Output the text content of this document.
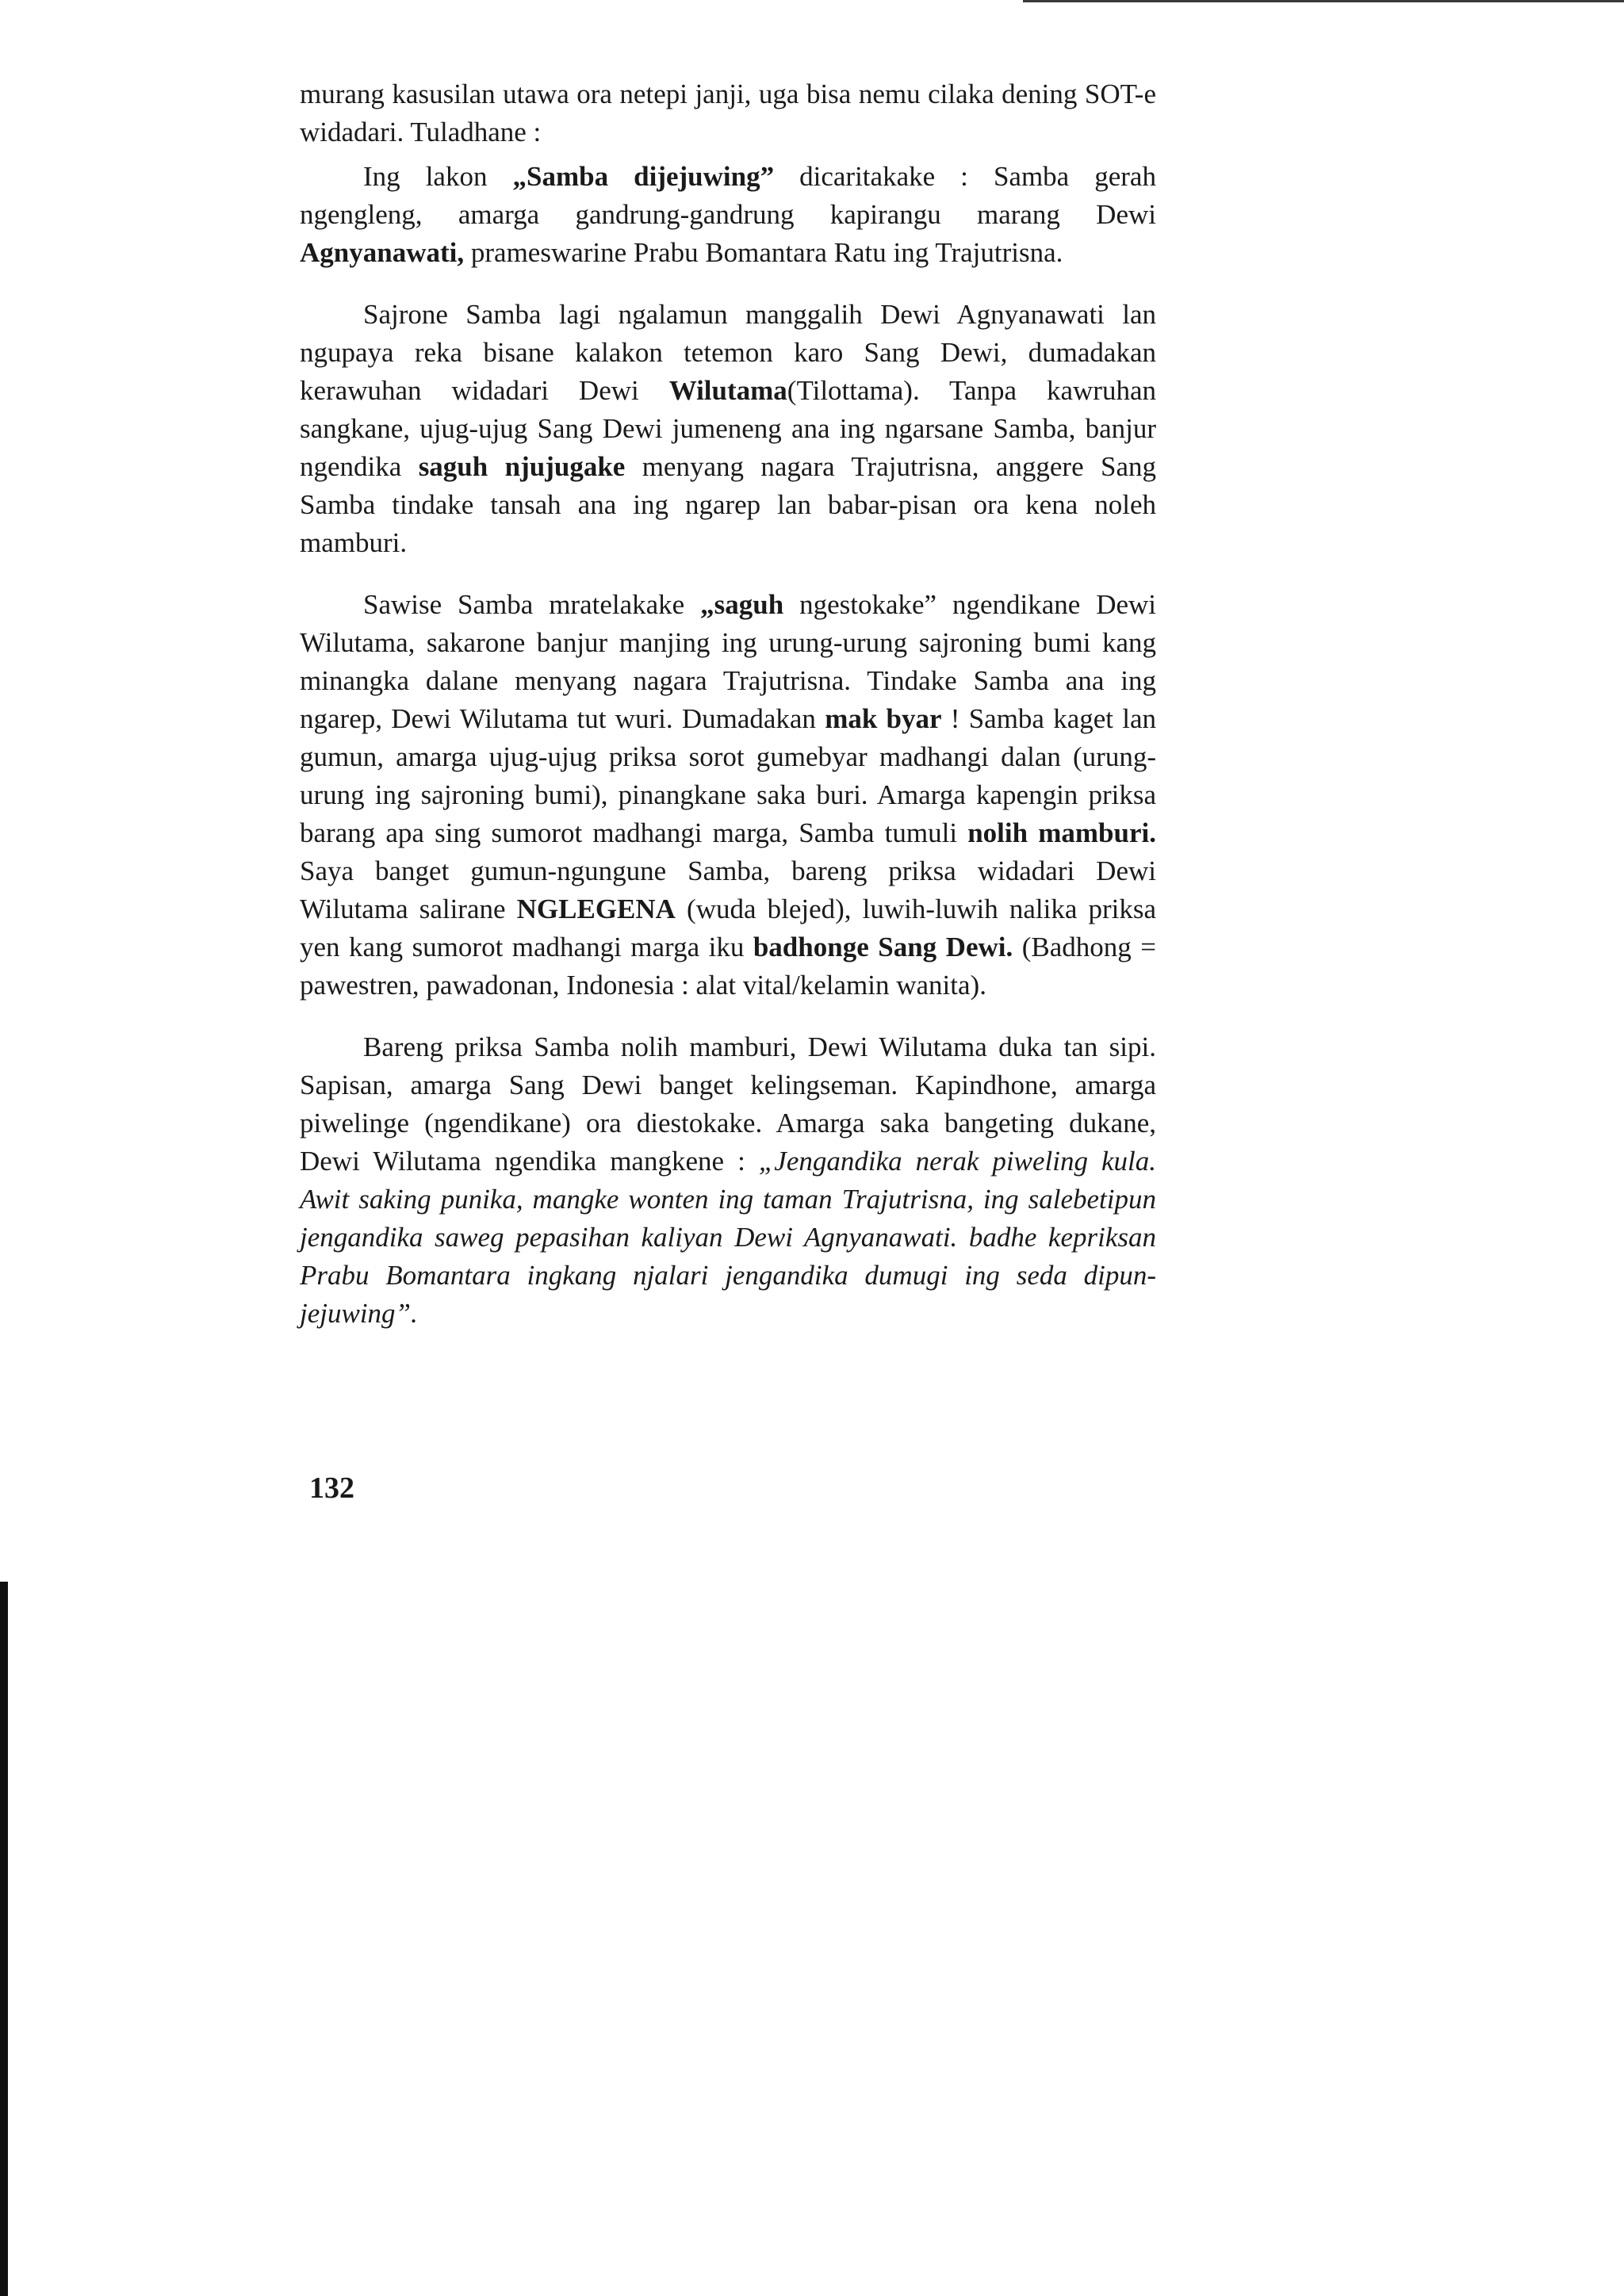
murang kasusilan utawa ora netepi janji, uga bisa nemu cilaka dening SOT-e widadari. Tuladhane :

Ing lakon „Samba dijejuwing” dicaritakake : Samba gerah ngengleng, amarga gandrung-gandrung kapirangu marang Dewi Agnyanawati, prameswarine Prabu Bomantara Ratu ing Trajutrisna.

Sajrone Samba lagi ngalamun manggalih Dewi Agnyanawati lan ngupaya reka bisane kalakon tetemon karo Sang Dewi, dumadakan kerawuhan widadari Dewi Wilutama(Tilottama). Tanpa kawruhan sangkane, ujug-ujug Sang Dewi jumeneng ana ing ngarsane Samba, banjur ngendika saguh njujugake menyang nagara Trajutrisna, anggere Sang Samba tindake tansah ana ing ngarep lan babar-pisan ora kena noleh mamburi.

Sawise Samba mratelakake „saguh ngestokake” ngendikane Dewi Wilutama, sakarone banjur manjing ing urung-urung sajroning bumi kang minangka dalane menyang nagara Trajutrisna. Tindake Samba ana ing ngarep, Dewi Wilutama tut wuri. Dumadakan mak byar ! Samba kaget lan gumun, amarga ujug-ujug priksa sorot gumebyar madhangi dalan (urung-urung ing sajroning bumi), pinangkane saka buri. Amarga kapengin priksa barang apa sing sumorot madhangi marga, Samba tumuli nolih mamburi. Saya banget gumun-ngungune Samba, bareng priksa widadari Dewi Wilutama salirane NGLEGENA (wuda blejed), luwih-luwih nalika priksa yen kang sumorot madhangi marga iku badhonge Sang Dewi. (Badhong = pawestren, pawadonan, Indonesia : alat vital/kelamin wanita).

Bareng priksa Samba nolih mamburi, Dewi Wilutama duka tan sipi. Sapisan, amarga Sang Dewi banget kelingseman. Kapindhone, amarga piwelinge (ngendikane) ora diestokake. Amarga saka bangeting dukane, Dewi Wilutama ngendika mangkene : „Jengandika nerak piweling kula. Awit saking punika, mangke wonten ing taman Trajutrisna, ing salebetipun jengandika saweg pepasihan kaliyan Dewi Agnyanawati. badhe kepriksan Prabu Bomantara ingkang njalari jengandika dumugi ing seda dipun-jejuwing”.

132
